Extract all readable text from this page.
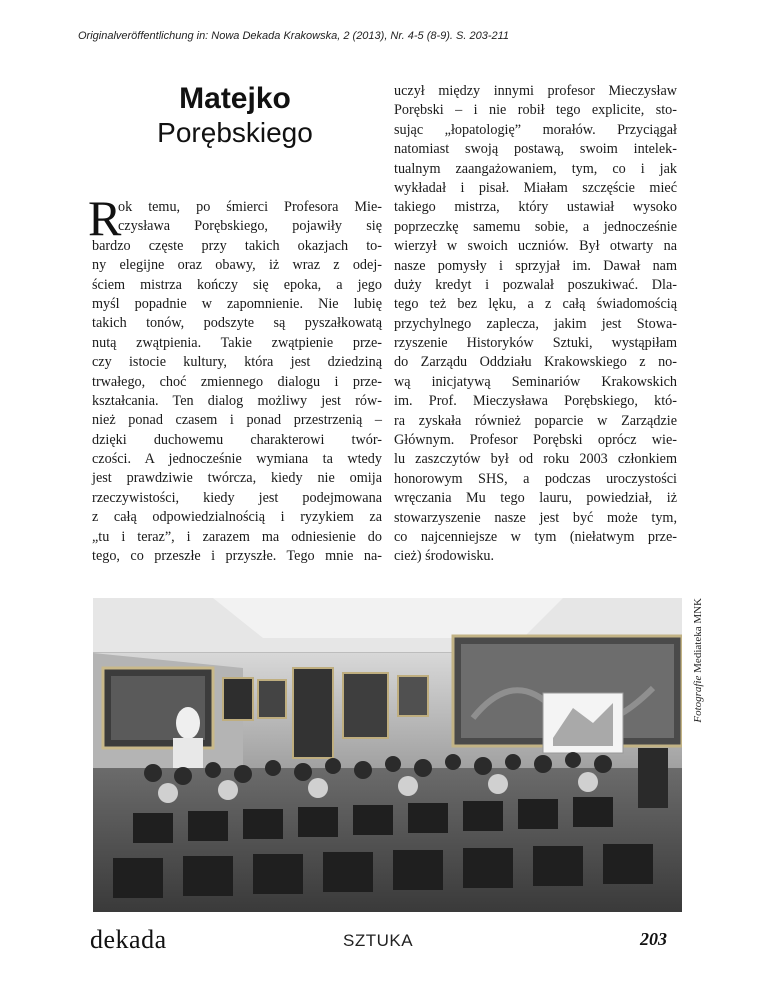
Originalveröffentlichung in: Nowa Dekada Krakowska, 2 (2013), Nr. 4-5 (8-9). S. 203-211
Matejko
Porębskiego
R
ok temu, po śmierci Profesora Mie-
czysława Porębskiego, pojawiły się
bardzo częste przy takich okazjach to-
ny elegijne oraz obawy, iż wraz z odej-
ściem mistrza kończy się epoka, a jego
myśl popadnie w zapomnienie. Nie lubię
takich tonów, podszyte są pyszałkowatą
nutą zwątpienia. Takie zwątpienie prze-
czy istocie kultury, która jest dziedziną
trwałego, choć zmiennego dialogu i prze-
kształcania. Ten dialog możliwy jest rów-
nież ponad czasem i ponad przestrzenią –
dzięki duchowemu charakterowi twór-
czości. A jednocześnie wymiana ta wtedy
jest prawdziwie twórcza, kiedy nie omija
rzeczywistości, kiedy jest podejmowana
z całą odpowiedzialnością i ryzykiem za
„tu i teraz”, i zarazem ma odniesienie do
tego, co przeszłe i przyszłe. Tego mnie na-
uczył między innymi profesor Mieczysław
Porębski – i nie robił tego explicite, sto-
sując „łopatologię” morałów. Przyciągał
natomiast swoją postawą, swoim intelek-
tualnym zaangażowaniem, tym, co i jak
wykładał i pisał. Miałam szczęście mieć
takiego mistrza, który ustawiał wysoko
poprzeczkę samemu sobie, a jednocześnie
wierzył w swoich uczniów. Był otwarty na
nasze pomysły i sprzyjał im. Dawał nam
duży kredyt i pozwalał poszukiwać. Dla-
tego też bez lęku, a z całą świadomością
przychylnego zaplecza, jakim jest Stowa-
rzyszenie Historyków Sztuki, wystąpiłam
do Zarządu Oddziału Krakowskiego z no-
wą inicjatywą Seminariów Krakowskich
im. Prof. Mieczysława Porębskiego, któ-
ra zyskała również poparcie w Zarządzie
Głównym. Profesor Porębski oprócz wie-
lu zaszczytów był od roku 2003 członkiem
honorowym SHS, a podczas uroczystości
wręczania Mu tego lauru, powiedział, iż
stowarzyszenie nasze jest być może tym,
co najcenniejsze w tym (niełatwym prze-
cież) środowisku.
Fotografie Mediateka MNK
dekada	SZTUKA	203
